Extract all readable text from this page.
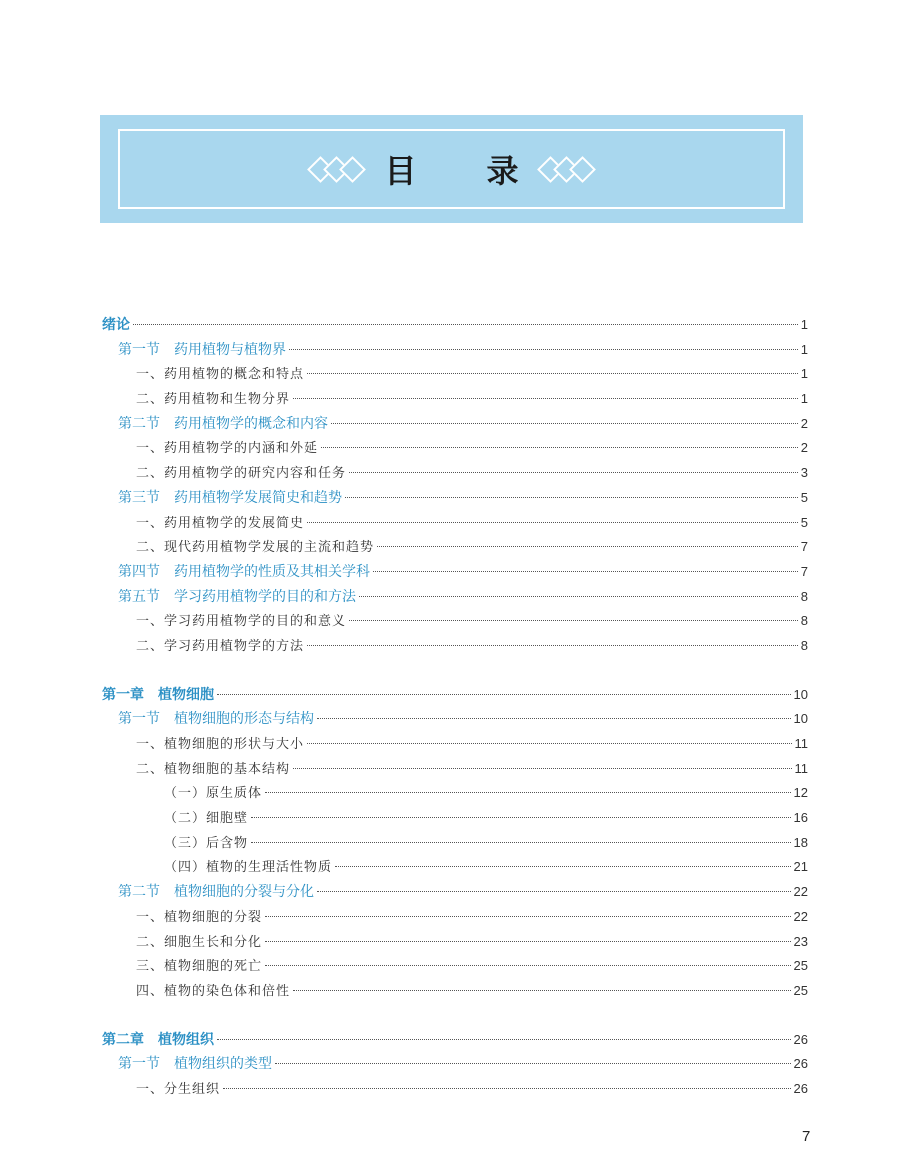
目 录
绪论	1
第一节　药用植物与植物界	1
一、药用植物的概念和特点	1
二、药用植物和生物分界	1
第二节　药用植物学的概念和内容	2
一、药用植物学的内涵和外延	2
二、药用植物学的研究内容和任务	3
第三节　药用植物学发展简史和趋势	5
一、药用植物学的发展简史	5
二、现代药用植物学发展的主流和趋势	7
第四节　药用植物学的性质及其相关学科	7
第五节　学习药用植物学的目的和方法	8
一、学习药用植物学的目的和意义	8
二、学习药用植物学的方法	8
第一章　植物细胞	10
第一节　植物细胞的形态与结构	10
一、植物细胞的形状与大小	11
二、植物细胞的基本结构	11
（一）原生质体	12
（二）细胞壁	16
（三）后含物	18
（四）植物的生理活性物质	21
第二节　植物细胞的分裂与分化	22
一、植物细胞的分裂	22
二、细胞生长和分化	23
三、植物细胞的死亡	25
四、植物的染色体和倍性	25
第二章　植物组织	26
第一节　植物组织的类型	26
一、分生组织	26
7
